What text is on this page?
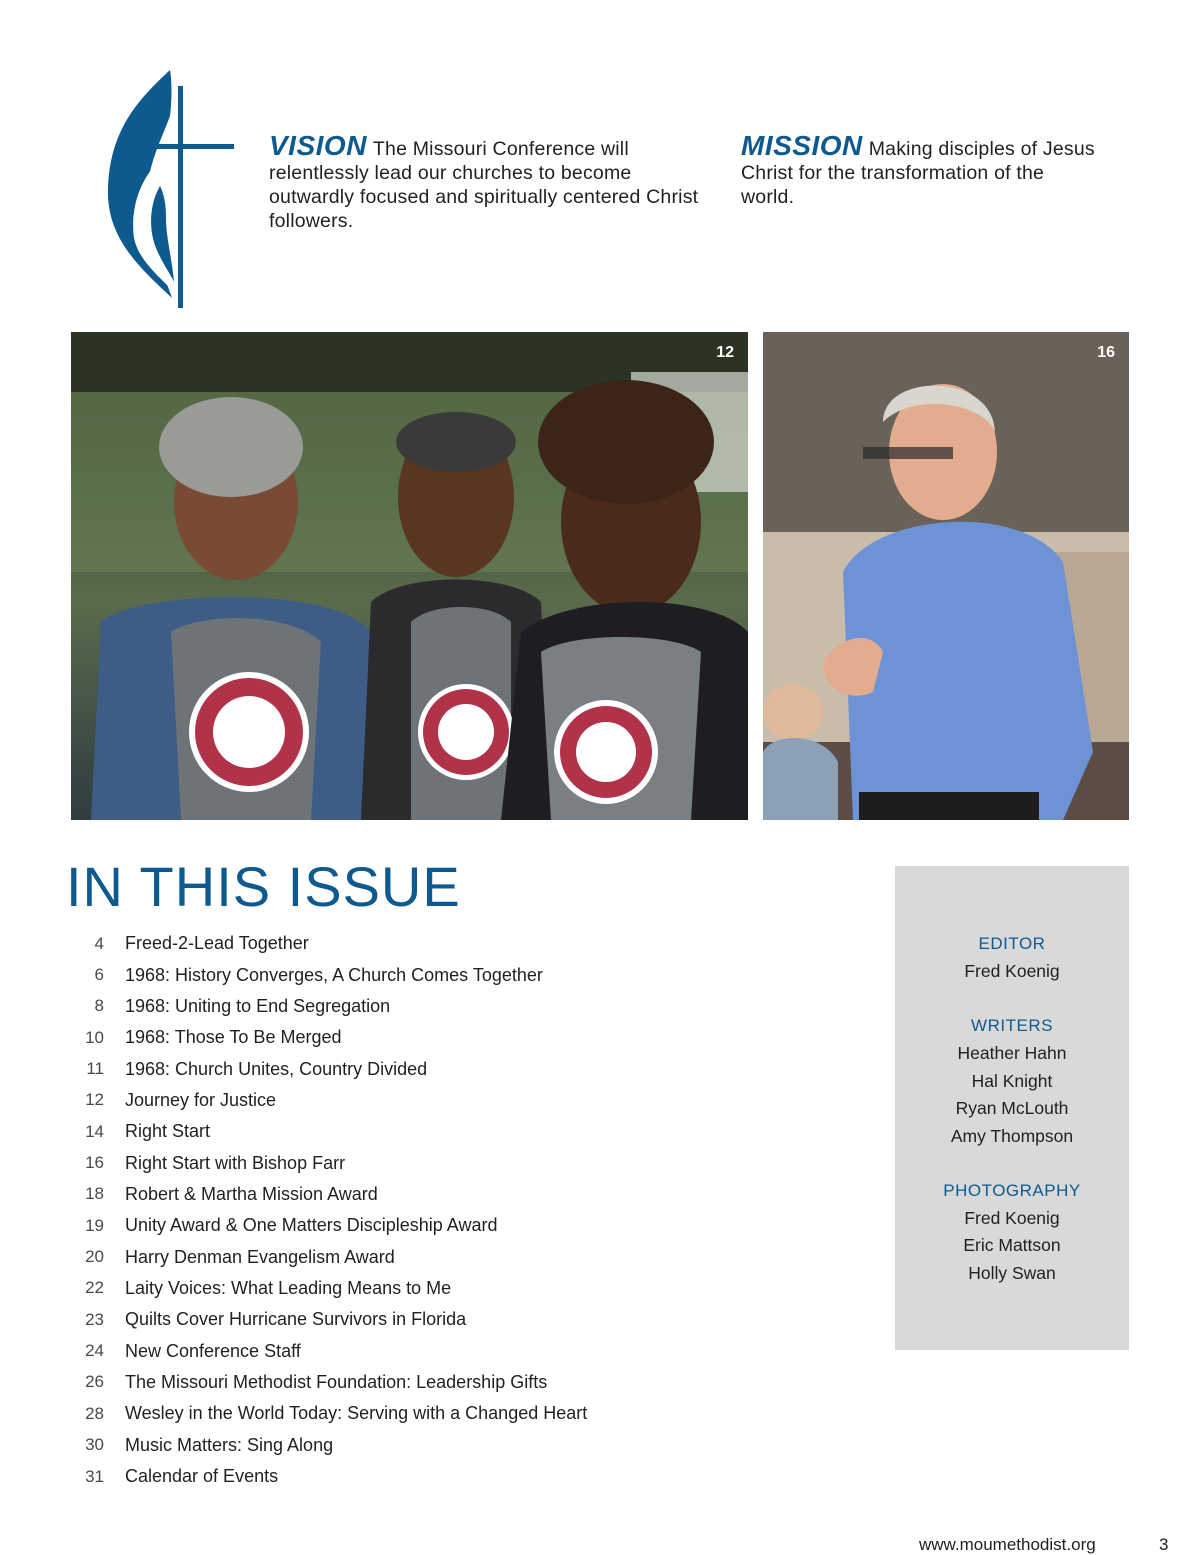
VISION The Missouri Conference will relentlessly lead our churches to become outwardly focused and spiritually centered Christ followers.
MISSION Making disciples of Jesus Christ for the transformation of the world.
12	16
IN THIS ISSUE
4 Freed-2-Lead Together
6 1968: History Converges, A Church Comes Together
8 1968: Uniting to End Segregation
10 1968: Those To Be Merged
11 1968: Church Unites, Country Divided
12 Journey for Justice
14 Right Start
16 Right Start with Bishop Farr
18 Robert & Martha Mission Award
19 Unity Award & One Matters Discipleship Award
20 Harry Denman Evangelism Award
22 Laity Voices: What Leading Means to Me
23 Quilts Cover Hurricane Survivors in Florida
24 New Conference Staff
26 The Missouri Methodist Foundation: Leadership Gifts
28 Wesley in the World Today: Serving with a Changed Heart
30 Music Matters: Sing Along
31 Calendar of Events
EDITOR
Fred Koenig
WRITERS
Heather Hahn
Hal Knight
Ryan McLouth
Amy Thompson
PHOTOGRAPHY
Fred Koenig
Eric Mattson
Holly Swan
www.moumethodist.org	3
